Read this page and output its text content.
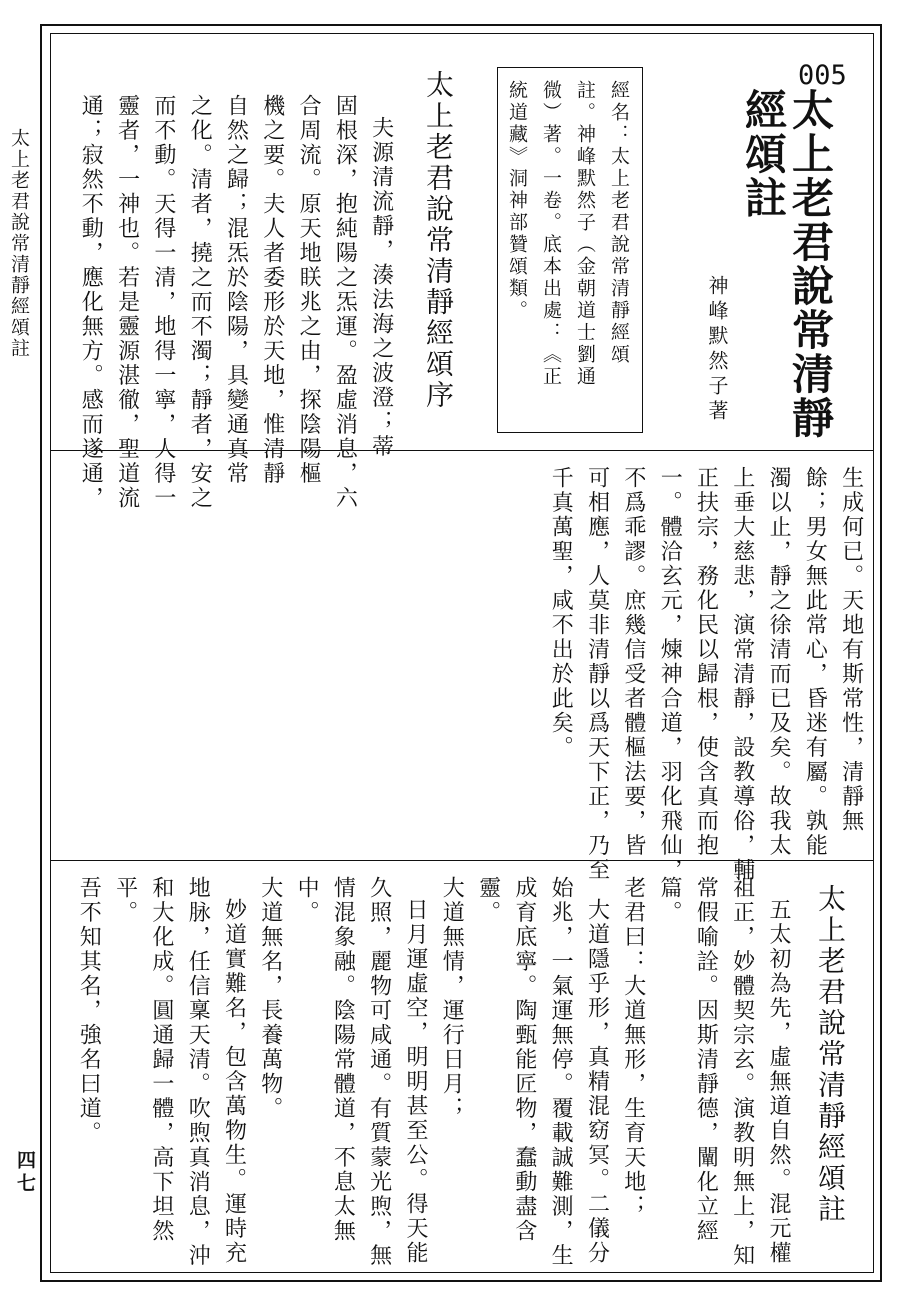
太上老君說常清靜經頌註

四七

005

太上老君說常清靜

經頌註

神峰默然子著

經名：太上老君說常清靜經頌

註。神峰默然子（金朝道士劉通

微）著。一卷。底本出處：《正

統道藏》洞神部贊頌類。

太上老君說常清靜經頌序

夫源清流靜，湊法海之波澄；蒂
固根深，抱純陽之炁運。盈虛消息，六
合周流。原天地眹兆之由，探陰陽樞
機之要。夫人者委形於天地，惟清靜
自然之歸；混炁於陰陽，具變通真常
之化。清者，撓之而不濁；靜者，安之
而不動。天得一清，地得一寧，人得一
靈者，一神也。若是靈源湛徹，聖道流
通；寂然不動，應化無方。感而遂通，
生成何已。天地有斯常性，清靜無
餘；男女無此常心，昏迷有屬。孰能
濁以止，靜之徐清而已及矣。故我太
上垂大慈悲，演常清靜，設教導俗，輔
正扶宗，務化民以歸根，使含真而抱
一。體洽玄元，煉神合道，羽化飛仙，
不爲乖謬。庶幾信受者體樞法要，皆
可相應，人莫非清靜以爲天下正，乃至
千真萬聖，咸不出於此矣。

太上老君說常清靜經頌註

五太初為先，虛無道自然。混元權
祖正，妙體契宗玄。演教明無上，知
常假喻詮。因斯清靜德，闡化立經
篇。
老君曰：大道無形，生育天地；
大道隱乎形，真精混窈冥。二儀分
始兆，一氣運無停。覆載誠難測，生
成育底寧。陶甄能匠物，蠢動盡含
靈。
大道無情，運行日月；
日月運虛空，明明甚至公。得天能
久照，麗物可咸通。有質蒙光煦，無
情混象融。陰陽常體道，不息太無
中。
大道無名，長養萬物。
妙道實難名，包含萬物生。運時充
地脉，任信稟天清。吹煦真消息，沖
和大化成。圓通歸一體，高下坦然
平。
吾不知其名，強名曰道。
